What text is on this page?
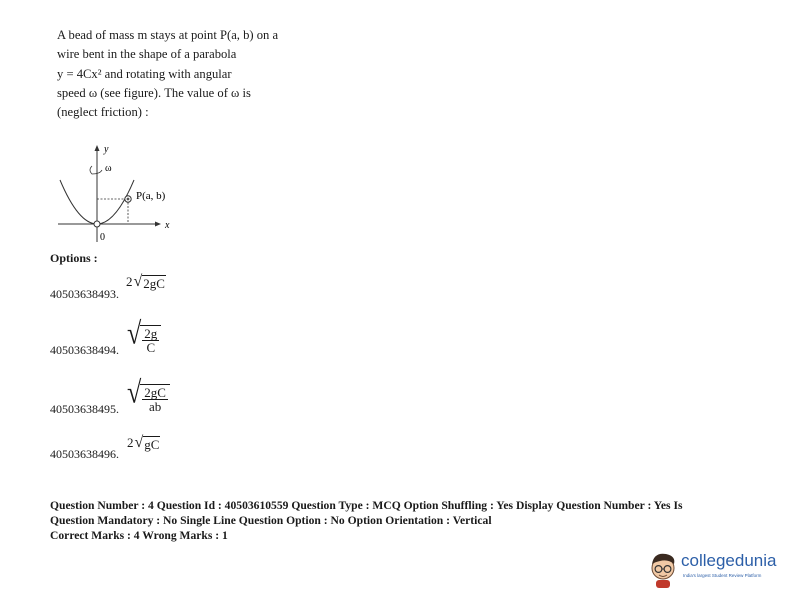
A bead of mass m stays at point P(a, b) on a
wire bent in the shape of a parabola
y = 4Cx² and rotating with angular
speed ω (see figure). The value of ω is
(neglect friction) :
y
ω
x
P(a, b)
0
Options :
40503638493.
2 √ 2gC
40503638494. √ $\frac{2g}{C}$
40503638495. √ $\frac{2gC}{ab}$
40503638496.
2 √ gC
Question Number : 4 Question Id : 40503610559 Question Type : MCQ Option Shuffling : Yes Display Question Number : Yes Is
Question Mandatory : No Single Line Question Option : No Option Orientation : Vertical
Correct Marks : 4 Wrong Marks : 1
collegedunia
India's largest Student Review Platform
